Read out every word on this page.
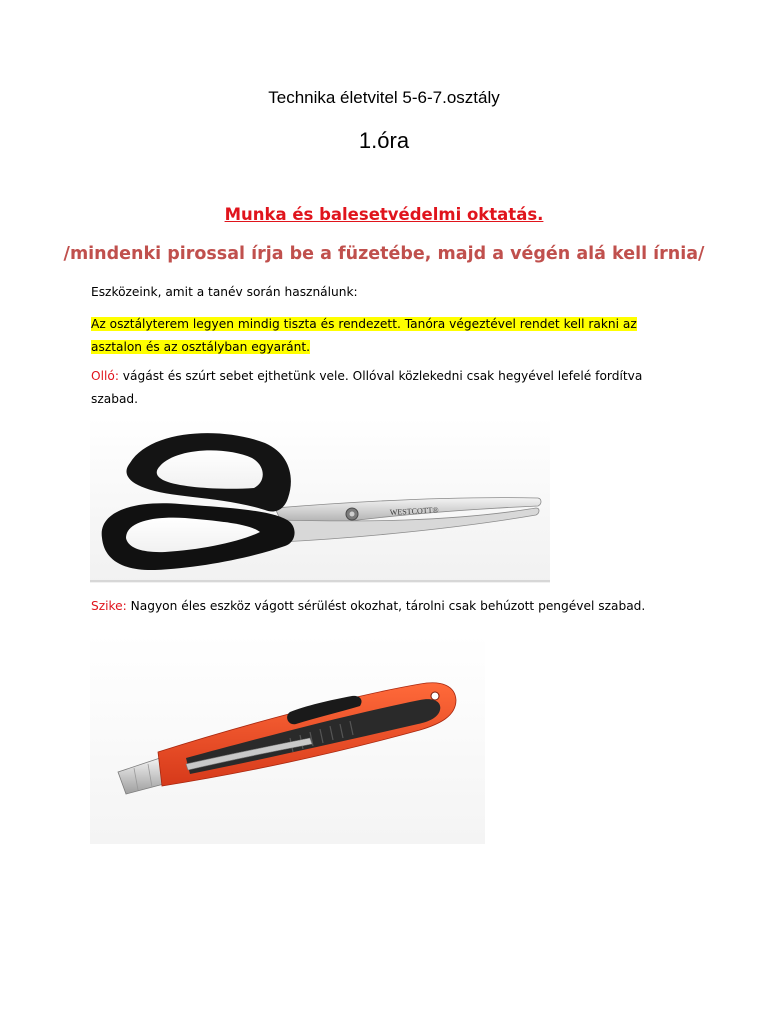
Technika életvitel 5-6-7.osztály
1.óra
Munka és balesetvédelmi oktatás.
/mindenki pirossal írja be a füzetébe, majd a végén alá kell írnia/
Eszközeink, amit a tanév során használunk:
Az osztályterem legyen mindig tiszta és rendezett. Tanóra végeztével rendet kell rakni az asztalon és az osztályban egyaránt.
Olló: vágást és szúrt sebet ejthetünk vele. Ollóval közlekedni csak hegyével lefelé fordítva szabad.
WESTCOTT®
Szike: Nagyon éles eszköz vágott sérülést okozhat, tárolni csak behúzott pengével szabad.
